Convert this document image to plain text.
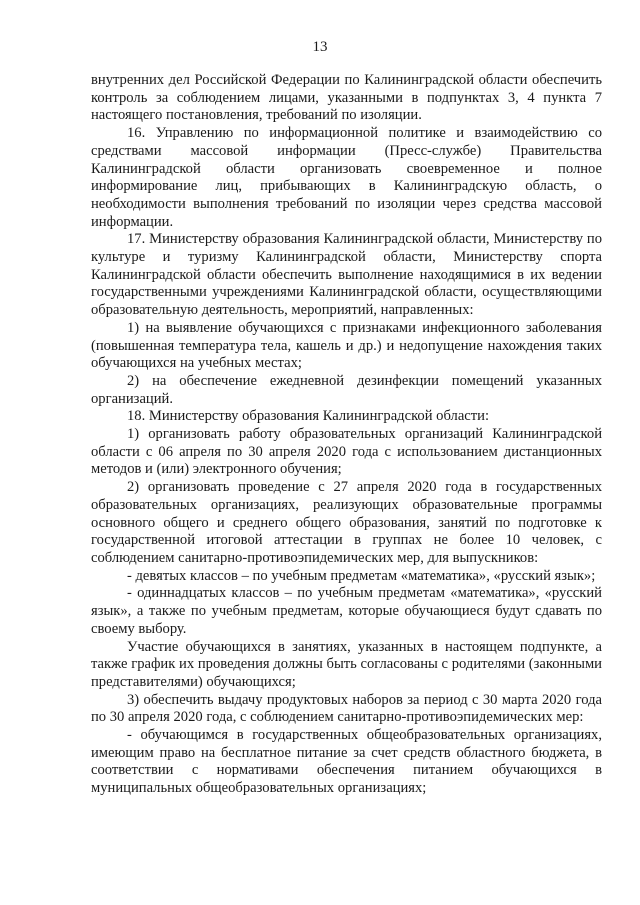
13

внутренних дел Российской Федерации по Калининградской области обеспечить контроль за соблюдением лицами, указанными в подпунктах 3, 4 пункта 7 настоящего постановления, требований по изоляции.

16. Управлению по информационной политике и взаимодействию со средствами массовой информации (Пресс-службе) Правительства Калининградской области организовать своевременное и полное информирование лиц, прибывающих в Калининградскую область, о необходимости выполнения требований по изоляции через средства массовой информации.

17. Министерству образования Калининградской области, Министерству по культуре и туризму Калининградской области, Министерству спорта Калининградской области обеспечить выполнение находящимися в их ведении государственными учреждениями Калининградской области, осуществляющими образовательную деятельность, мероприятий, направленных:

1) на выявление обучающихся с признаками инфекционного заболевания (повышенная температура тела, кашель и др.) и недопущение нахождения таких обучающихся на учебных местах;

2) на обеспечение ежедневной дезинфекции помещений указанных организаций.

18. Министерству образования Калининградской области:

1) организовать работу образовательных организаций Калининградской области с 06 апреля по 30 апреля 2020 года с использованием дистанционных методов и (или) электронного обучения;

2) организовать проведение с 27 апреля 2020 года в государственных образовательных организациях, реализующих образовательные программы основного общего и среднего общего образования, занятий по подготовке к государственной итоговой аттестации в группах не более 10 человек, с соблюдением санитарно-противоэпидемических мер, для выпускников:

- девятых классов – по учебным предметам «математика», «русский язык»;

- одиннадцатых классов – по учебным предметам «математика», «русский язык», а также по учебным предметам, которые обучающиеся будут сдавать по своему выбору.

Участие обучающихся в занятиях, указанных в настоящем подпункте, а также график их проведения должны быть согласованы с родителями (законными представителями) обучающихся;

3) обеспечить выдачу продуктовых наборов за период с 30 марта 2020 года по 30 апреля 2020 года, с соблюдением санитарно-противоэпидемических мер:

- обучающимся в государственных общеобразовательных организациях, имеющим право на бесплатное питание за счет средств областного бюджета, в соответствии с нормативами обеспечения питанием обучающихся в муниципальных общеобразовательных организациях;
